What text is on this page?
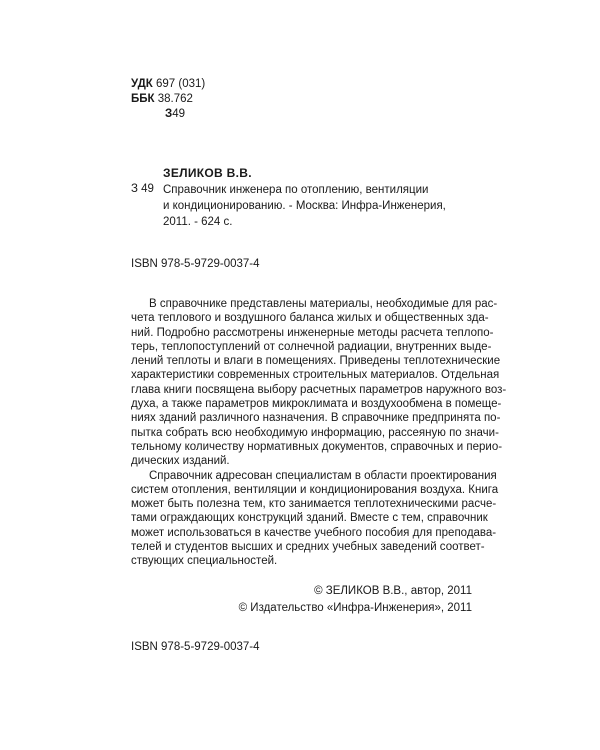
УДК 697 (031)
ББК 38.762
З49
ЗЕЛИКОВ В.В.
З 49 Справочник инженера по отоплению, вентиляции
и кондиционированию. - Москва: Инфра-Инженерия,
2011. - 624 с.
ISBN 978-5-9729-0037-4
В справочнике представлены материалы, необходимые для рас-
чета теплового и воздушного баланса жилых и общественных зда-
ний. Подробно рассмотрены инженерные методы расчета теплопо-
терь, теплопоступлений от солнечной радиации, внутренних выде-
лений теплоты и влаги в помещениях. Приведены теплотехнические
характеристики современных строительных материалов. Отдельная
глава книги посвящена выбору расчетных параметров наружного воз-
духа, а также параметров микроклимата и воздухообмена в помеще-
ниях зданий различного назначения. В справочнике предпринята по-
пытка собрать всю необходимую информацию, рассеяную по значи-
тельному количеству нормативных документов, справочных и перио-
дических изданий.
Справочник адресован специалистам в области проектирования
систем отопления, вентиляции и кондиционирования воздуха. Книга
может быть полезна тем, кто занимается теплотехническими расче-
тами ограждающих конструкций зданий. Вместе с тем, справочник
может использоваться в качестве учебного пособия для преподава-
телей и студентов высших и средних учебных заведений соответ-
ствующих специальностей.
© ЗЕЛИКОВ В.В., автор, 2011
© Издательство «Инфра-Инженерия», 2011
ISBN 978-5-9729-0037-4
